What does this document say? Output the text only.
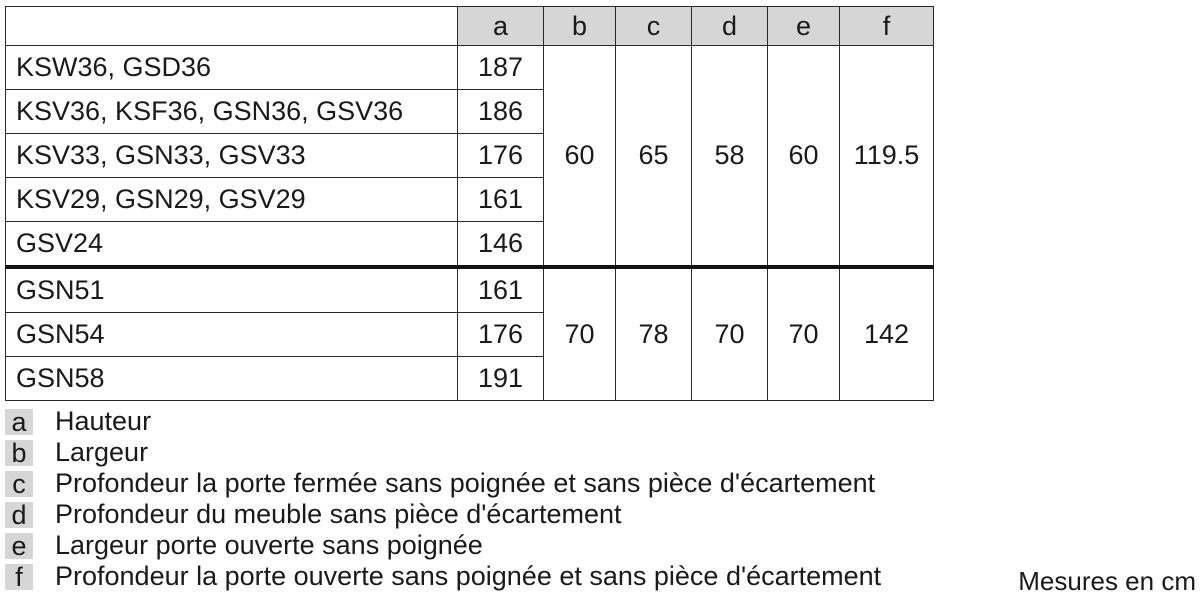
	a	b	c	d	e	f
KSW36, GSD36	187	60	65	58	60	119.5
KSV36, KSF36, GSN36, GSV36	186					
KSV33, GSN33, GSV33	176					
KSV29, GSN29, GSV29	161					
GSV24	146					
GSN51	161	70	78	70	70	142
GSN54	176					
GSN58	191					
a Hauteur
b Largeur
c Profondeur la porte fermée sans poignée et sans pièce d'écartement
d Profondeur du meuble sans pièce d'écartement
e Largeur porte ouverte sans poignée
f	Profondeur la porte ouverte sans poignée et sans pièce d'écartement	Mesures en cm
